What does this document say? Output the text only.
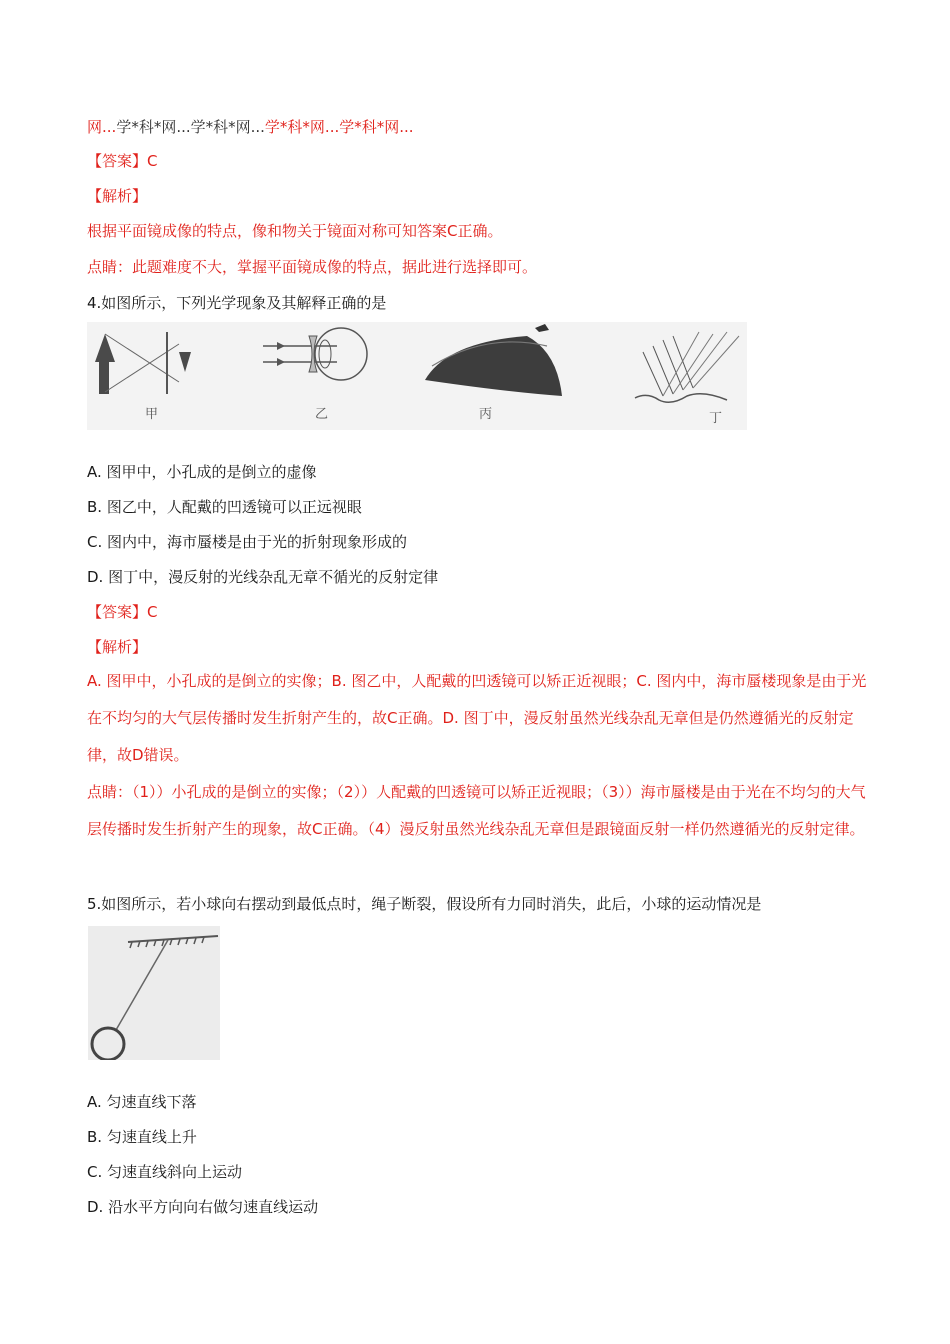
网...学*科*网...学*科*网...学*科*网...学*科*网...
【答案】C
【解析】
根据平面镜成像的特点，像和物关于镜面对称可知答案C正确。
点睛：此题难度不大，掌握平面镜成像的特点，据此进行选择即可。
4.如图所示，下列光学现象及其解释正确的是
甲	乙	丙	丁
A. 图甲中，小孔成的是倒立的虚像
B. 图乙中，人配戴的凹透镜可以正远视眼
C. 图内中，海市蜃楼是由于光的折射现象形成的
D. 图丁中，漫反射的光线杂乱无章不循光的反射定律
【答案】C
【解析】
A. 图甲中，小孔成的是倒立的实像；B. 图乙中，人配戴的凹透镜可以矫正近视眼；C. 图内中，海市蜃楼现象是由于光在不均匀的大气层传播时发生折射产生的，故C正确。D. 图丁中，漫反射虽然光线杂乱无章但是仍然遵循光的反射定律，故D错误。
点睛：（1））小孔成的是倒立的实像；（2））人配戴的凹透镜可以矫正近视眼；（3））海市蜃楼是由于光在不均匀的大气层传播时发生折射产生的现象，故C正确。（4）漫反射虽然光线杂乱无章但是跟镜面反射一样仍然遵循光的反射定律。
5.如图所示，若小球向右摆动到最低点时，绳子断裂，假设所有力同时消失，此后，小球的运动情况是
A. 匀速直线下落
B. 匀速直线上升
C. 匀速直线斜向上运动
D. 沿水平方向向右做匀速直线运动
